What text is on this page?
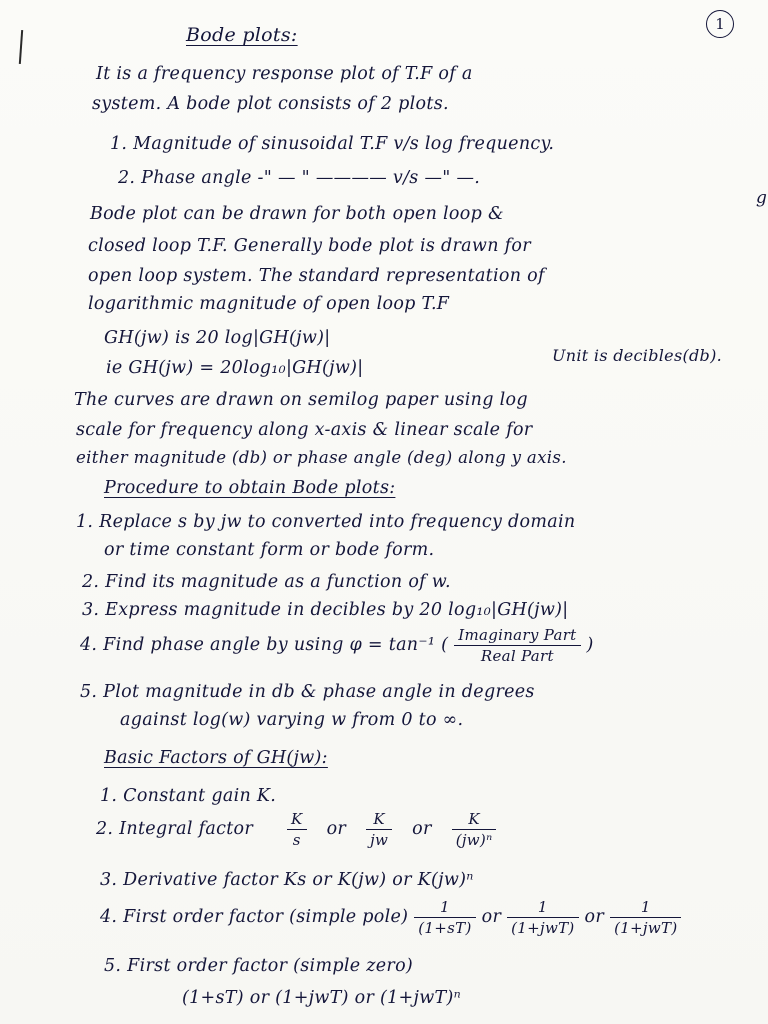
1
g
Bode plots:
It is a frequency response plot of T.F of a
system. A bode plot consists of 2 plots.
1. Magnitude of sinusoidal T.F v/s log frequency.
2. Phase angle -" — " ———— v/s —" —.
Bode plot can be drawn for both open loop &
closed loop T.F. Generally bode plot is drawn for
open loop system. The standard representation of
logarithmic magnitude of open loop T.F
GH(jw) is 20 log|GH(jw)|
ie GH(jw) = 20log₁₀|GH(jw)|
Unit is decibles(db).
The curves are drawn on semilog paper using log
scale for frequency along x-axis & linear scale for
either magnitude (db) or phase angle (deg) along y axis.
Procedure to obtain Bode plots:
1. Replace s by jw to converted into frequency domain
or time constant form or bode form.
2. Find its magnitude as a function of w.
3. Express magnitude in decibles by 20 log₁₀|GH(jw)|
4. Find phase angle by using φ = tan⁻¹ ( $\frac{\text{Imaginary Part}}{\text{Real Part}}$ )
5. Plot magnitude in db & phase angle in degrees
against log(w) varying w from 0 to ∞.
Basic Factors of GH(jw):
1. Constant gain K.
2. Integral factor $\frac{K}{s}$ or $\frac{K}{jw}$ or $\frac{K}{\text{(jw)ⁿ}}$
3. Derivative factor Ks or K(jw) or K(jw)ⁿ
4. First order factor (simple pole) $\frac{1}{(1+sT)}$ or $\frac{1}{\text{(1+jwT)}}$ or $\frac{1}{\text{(1+jwT)}}$
5. First order factor (simple zero)
(1+sT) or (1+jwT) or (1+jwT)ⁿ
